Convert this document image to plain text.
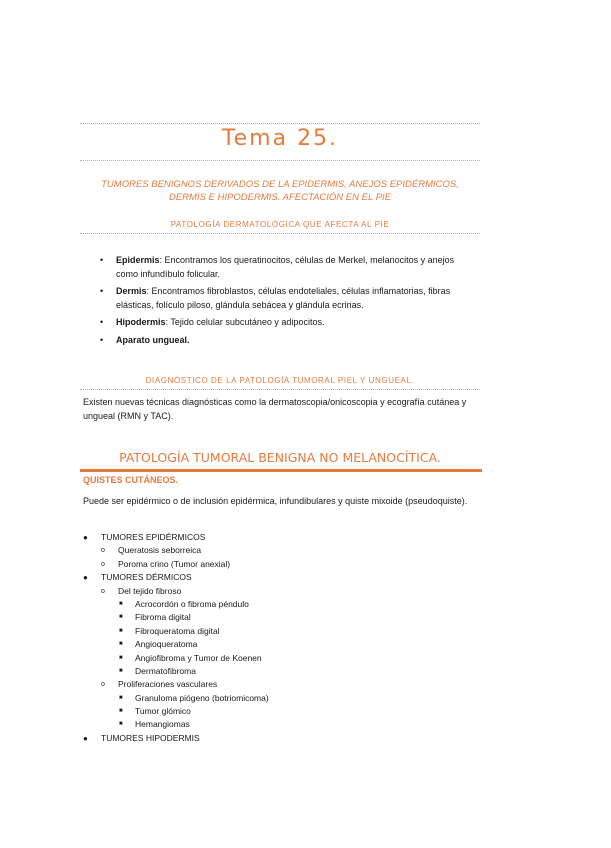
Tema 25.
TUMORES BENIGNOS DERIVADOS DE LA EPIDERMIS, ANEJOS EPIDÉRMICOS,
DERMIS E HIPODERMIS. AFECTACIÓN EN EL PIE
PATOLOGÍA DERMATOLÓGICA QUE AFECTA AL PIE
• Epidermis: Encontramos los queratinocitos, células de Merkel, melanocitos y anejos como infundíbulo folicular.
• Dermis: Encontramos fibroblastos, células endoteliales, células inflamatorias, fibras elásticas, folículo piloso, glándula sebácea y glándula ecrinas.
• Hipodermis: Tejido celular subcutáneo y adipocitos.
• Aparato ungueal.
DIAGNÓSTICO DE LA PATOLOGÍA TUMORAL PIEL Y UNGUEAL.
Existen nuevas técnicas diagnósticas como la dermatoscopia/onicoscopia y ecografía cutánea y ungueal (RMN y TAC).
PATOLOGÍA TUMORAL BENIGNA NO MELANOCÍTICA.
QUISTES CUTÁNEOS.
Puede ser epidérmico o de inclusión epidérmica, infundibulares y quiste mixoide (pseudoquiste).
● TUMORES EPIDÉRMICOS
o Queratosis seborreica
o Poroma crino (Tumor anexial)
● TUMORES DÉRMICOS
o Del tejido fibroso
■ Acrocordón o fibroma péndulo
■ Fibroma digital
■ Fibroqueratoma digital
■ Angioqueratoma
■ Angiofibroma y Tumor de Koenen
■ Dermatofibroma
o Proliferaciones vasculares
■ Granuloma piógeno (botriomicoma)
■ Tumor glómico
■ Hemangiomas
● TUMORES HIPODERMIS
